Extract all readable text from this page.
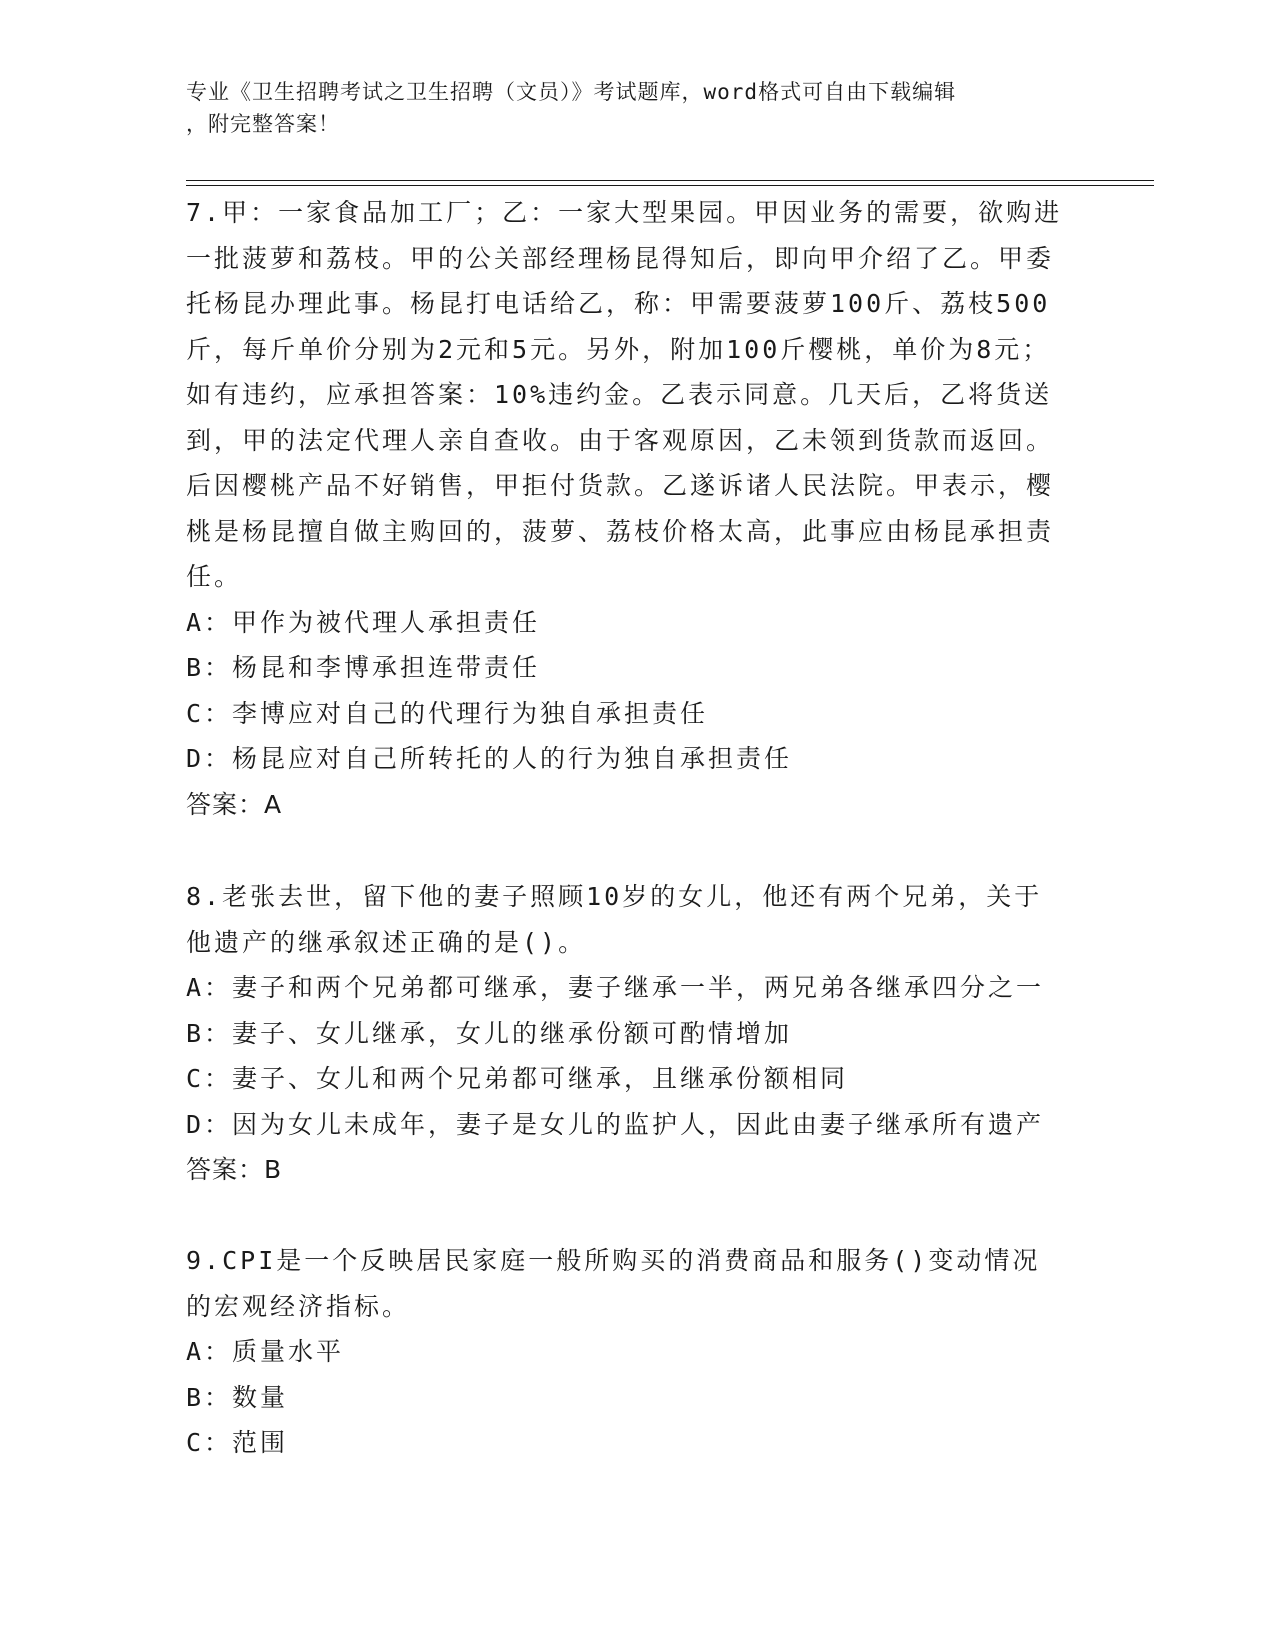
专业《卫生招聘考试之卫生招聘（文员）》考试题库，word格式可自由下载编辑
，附完整答案！

7.甲：一家食品加工厂；乙：一家大型果园。甲因业务的需要，欲购进一批菠萝和荔枝。甲的公关部经理杨昆得知后，即向甲介绍了乙。甲委托杨昆办理此事。杨昆打电话给乙，称：甲需要菠萝100斤、荔枝500斤，每斤单价分别为2元和5元。另外，附加100斤樱桃，单价为8元；如有违约，应承担答案：10%违约金。乙表示同意。几天后，乙将货送到，甲的法定代理人亲自查收。由于客观原因，乙未领到货款而返回。后因樱桃产品不好销售，甲拒付货款。乙遂诉诸人民法院。甲表示，樱桃是杨昆擅自做主购回的，菠萝、荔枝价格太高，此事应由杨昆承担责任。

A：甲作为被代理人承担责任

B：杨昆和李博承担连带责任

C：李博应对自己的代理行为独自承担责任

D：杨昆应对自己所转托的人的行为独自承担责任

答案：A

8.老张去世，留下他的妻子照顾10岁的女儿，他还有两个兄弟，关于他遗产的继承叙述正确的是()。

A：妻子和两个兄弟都可继承，妻子继承一半，两兄弟各继承四分之一

B：妻子、女儿继承，女儿的继承份额可酌情增加

C：妻子、女儿和两个兄弟都可继承，且继承份额相同

D：因为女儿未成年，妻子是女儿的监护人，因此由妻子继承所有遗产

答案：B

9.CPI是一个反映居民家庭一般所购买的消费商品和服务()变动情况的宏观经济指标。

A：质量水平

B：数量

C：范围
